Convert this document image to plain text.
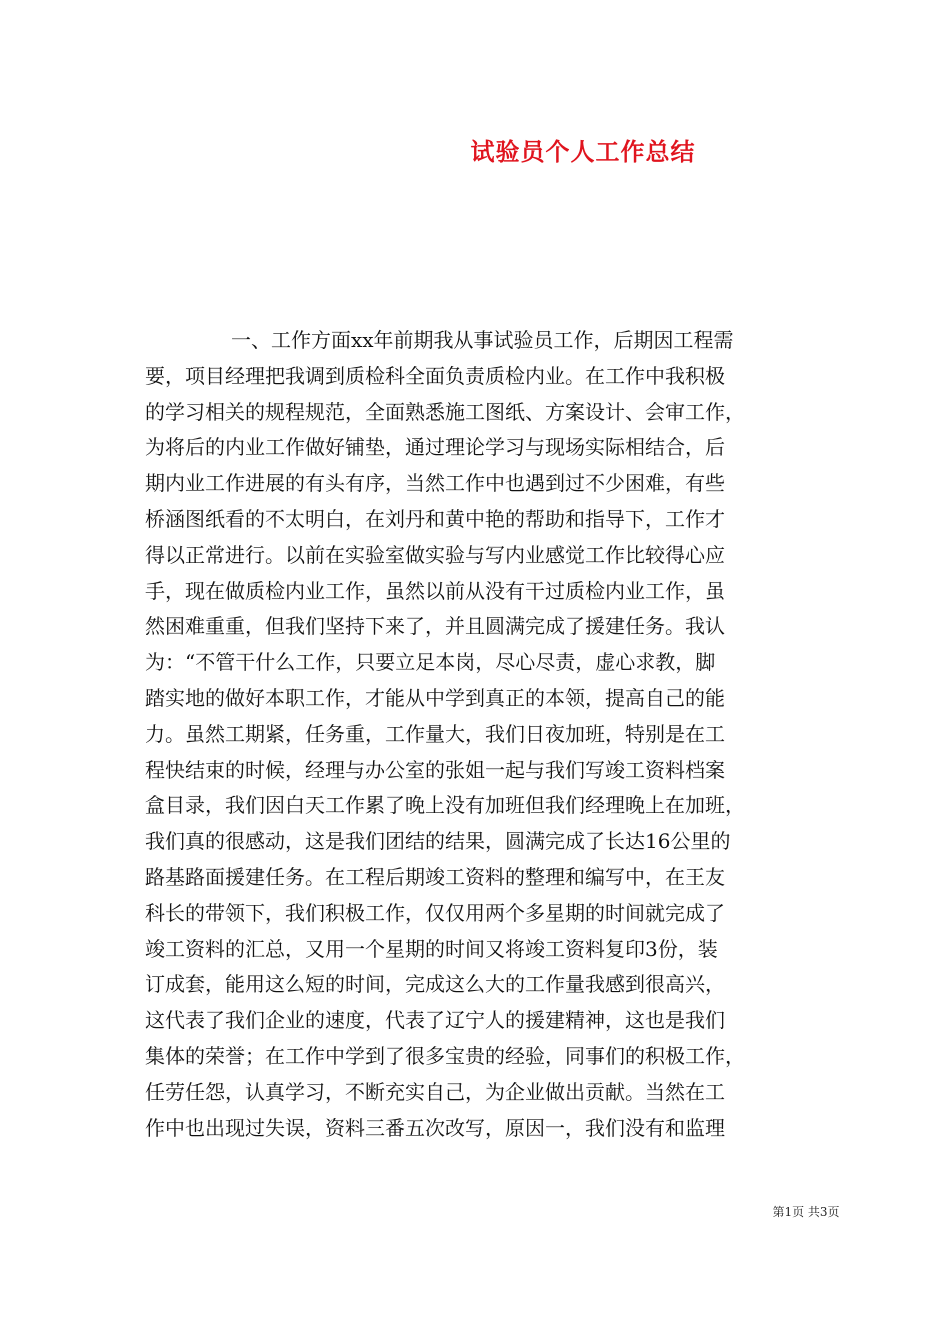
试验员个人工作总结
一、工作方面xx年前期我从事试验员工作，后期因工程需
要，项目经理把我调到质检科全面负责质检内业。在工作中我积极
的学习相关的规程规范，全面熟悉施工图纸、方案设计、会审工作，
为将后的内业工作做好铺垫，通过理论学习与现场实际相结合，后
期内业工作进展的有头有序，当然工作中也遇到过不少困难，有些
桥涵图纸看的不太明白，在刘丹和黄中艳的帮助和指导下，工作才
得以正常进行。以前在实验室做实验与写内业感觉工作比较得心应
手，现在做质检内业工作，虽然以前从没有干过质检内业工作，虽
然困难重重，但我们坚持下来了，并且圆满完成了援建任务。我认
为：“不管干什么工作，只要立足本岗，尽心尽责，虚心求教，脚
踏实地的做好本职工作，才能从中学到真正的本领，提高自己的能
力。虽然工期紧，任务重，工作量大，我们日夜加班，特别是在工
程快结束的时候，经理与办公室的张姐一起与我们写竣工资料档案
盒目录，我们因白天工作累了晚上没有加班但我们经理晚上在加班，
我们真的很感动，这是我们团结的结果，圆满完成了长达16公里的
路基路面援建任务。在工程后期竣工资料的整理和编写中，在王友
科长的带领下，我们积极工作，仅仅用两个多星期的时间就完成了
竣工资料的汇总，又用一个星期的时间又将竣工资料复印3份，装
订成套，能用这么短的时间，完成这么大的工作量我感到很高兴，
这代表了我们企业的速度，代表了辽宁人的援建精神，这也是我们
集体的荣誉；在工作中学到了很多宝贵的经验，同事们的积极工作，
任劳任怨，认真学习，不断充实自己，为企业做出贡献。当然在工
作中也出现过失误，资料三番五次改写，原因一，我们没有和监理
第1页 共3页
